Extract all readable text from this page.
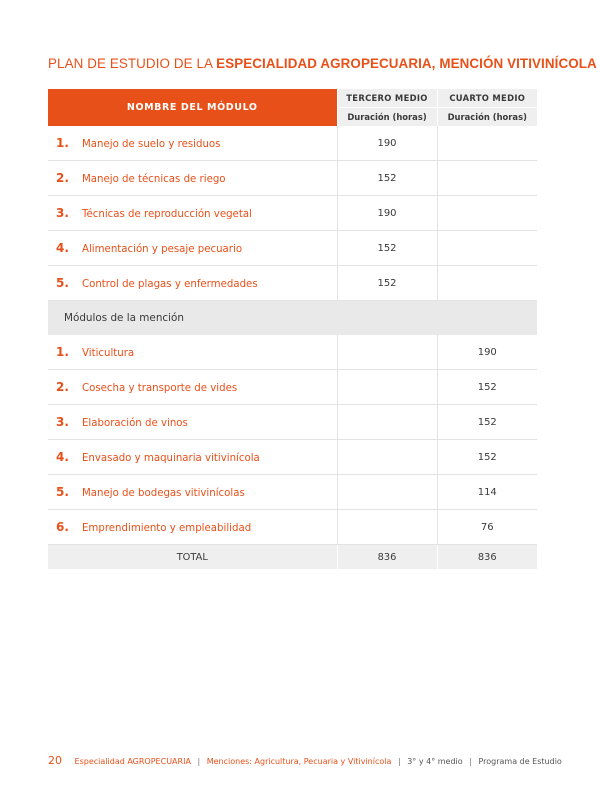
PLAN DE ESTUDIO DE LA ESPECIALIDAD AGROPECUARIA, MENCIÓN VITIVINÍCOLA
NOMBRE DEL MÓDULO	TERCERO MEDIO	CUARTO MEDIO
	Duración (horas)	Duración (horas)
1. Manejo de suelo y residuos	190	
2. Manejo de técnicas de riego	152	
3. Técnicas de reproducción vegetal	190	
4. Alimentación y pesaje pecuario	152	
5. Control de plagas y enfermedades	152	
Módulos de la mención		
1. Viticultura		190
2. Cosecha y transporte de vides		152
3. Elaboración de vinos		152
4. Envasado y maquinaria vitivinícola		152
5. Manejo de bodegas vitivinícolas		114
6. Emprendimiento y empleabilidad		76
TOTAL	836	836
20 Especialidad AGROPECUARIA | Menciones: Agricultura, Pecuaria y Vitivinícola | 3° y 4° medio | Programa de Estudio
